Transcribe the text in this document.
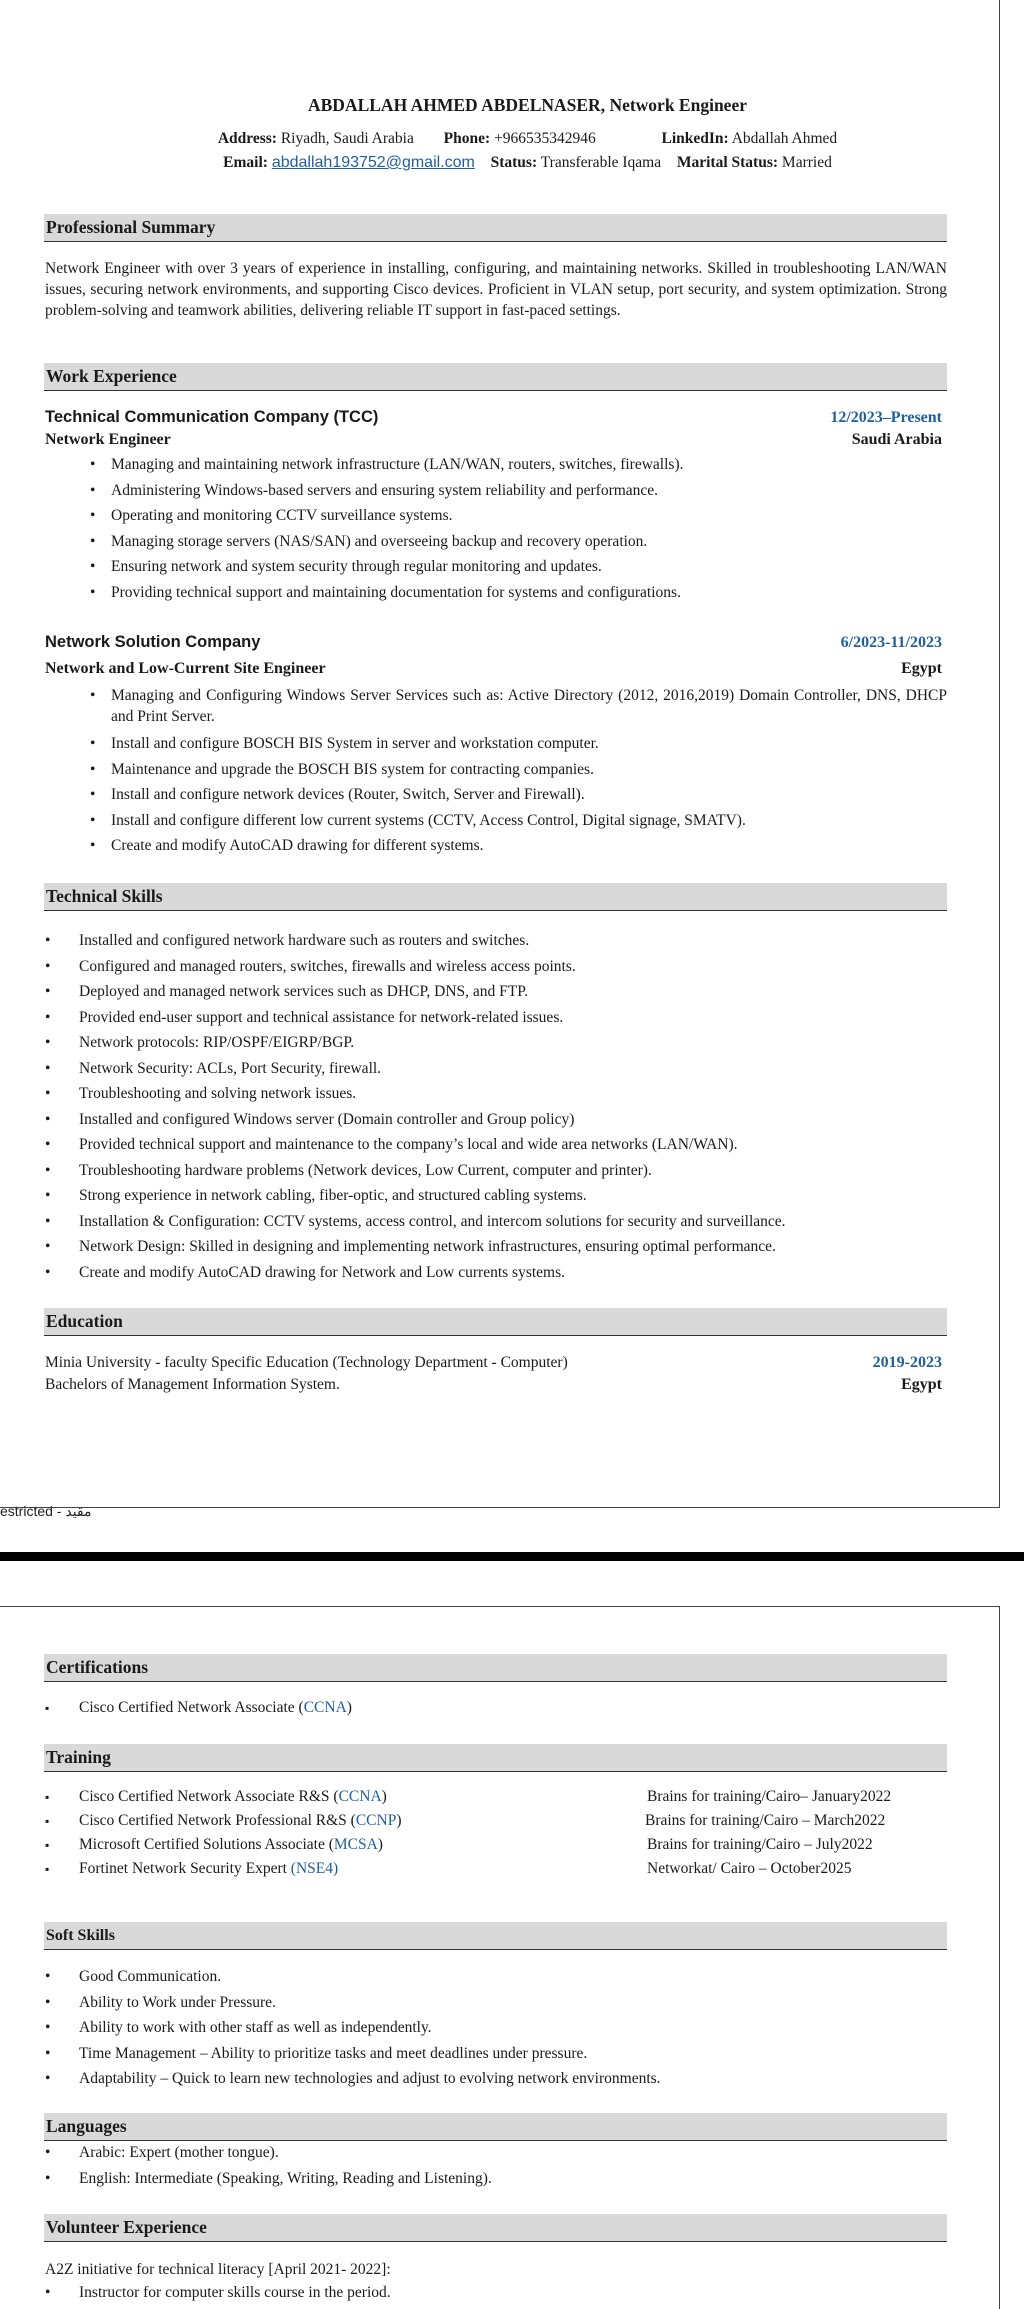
ABDALLAH AHMED ABDELNASER, Network Engineer
Address: Riyadh, Saudi Arabia Phone: +966535342946	LinkedIn: Abdallah Ahmed
Email: abdallah193752@gmail.com Status: Transferable Iqama Marital Status: Married
Professional Summary
Network Engineer with over 3 years of experience in installing, configuring, and maintaining networks. Skilled in troubleshooting LAN/WAN issues, securing network environments, and supporting Cisco devices. Proficient in VLAN setup, port security, and system optimization. Strong problem-solving and teamwork abilities, delivering reliable IT support in fast-paced settings.
Work Experience
Technical Communication Company (TCC)	12/2023–Present
Network Engineer	Saudi Arabia
• Managing and maintaining network infrastructure (LAN/WAN, routers, switches, firewalls).
• Administering Windows-based servers and ensuring system reliability and performance.
• Operating and monitoring CCTV surveillance systems.
• Managing storage servers (NAS/SAN) and overseeing backup and recovery operation.
• Ensuring network and system security through regular monitoring and updates.
• Providing technical support and maintaining documentation for systems and configurations.
Network Solution Company	6/2023-11/2023
Network and Low-Current Site Engineer	Egypt
• Managing and Configuring Windows Server Services such as: Active Directory (2012, 2016,2019) Domain Controller, DNS, DHCP and Print Server.
• Install and configure BOSCH BIS System in server and workstation computer.
• Maintenance and upgrade the BOSCH BIS system for contracting companies.
• Install and configure network devices (Router, Switch, Server and Firewall).
• Install and configure different low current systems (CCTV, Access Control, Digital signage, SMATV).
• Create and modify AutoCAD drawing for different systems.
Technical Skills
• Installed and configured network hardware such as routers and switches.
• Configured and managed routers, switches, firewalls and wireless access points.
• Deployed and managed network services such as DHCP, DNS, and FTP.
• Provided end-user support and technical assistance for network-related issues.
• Network protocols: RIP/OSPF/EIGRP/BGP.
• Network Security: ACLs, Port Security, firewall.
• Troubleshooting and solving network issues.
• Installed and configured Windows server (Domain controller and Group policy)
• Provided technical support and maintenance to the company’s local and wide area networks (LAN/WAN).
• Troubleshooting hardware problems (Network devices, Low Current, computer and printer).
• Strong experience in network cabling, fiber-optic, and structured cabling systems.
• Installation & Configuration: CCTV systems, access control, and intercom solutions for security and surveillance.
• Network Design: Skilled in designing and implementing network infrastructures, ensuring optimal performance.
• Create and modify AutoCAD drawing for Network and Low currents systems.
Education
Minia University - faculty Specific Education (Technology Department - Computer)	2019-2023
Bachelors of Management Information System.	Egypt
estricted - مقيد
Certifications
▪ Cisco Certified Network Associate (CCNA)
Training
▪ Cisco Certified Network Associate R&S (CCNA)	Brains for training/Cairo– January2022
▪ Cisco Certified Network Professional R&S (CCNP)	Brains for training/Cairo – March2022
▪ Microsoft Certified Solutions Associate (MCSA)	Brains for training/Cairo – July2022
▪ Fortinet Network Security Expert (NSE4)	Networkat/ Cairo – October2025
Soft Skills
• Good Communication.
• Ability to Work under Pressure.
• Ability to work with other staff as well as independently.
• Time Management – Ability to prioritize tasks and meet deadlines under pressure.
• Adaptability – Quick to learn new technologies and adjust to evolving network environments.
Languages
• Arabic: Expert (mother tongue).
• English: Intermediate (Speaking, Writing, Reading and Listening).
Volunteer Experience
A2Z initiative for technical literacy [April 2021- 2022]:
• Instructor for computer skills course in the period.
